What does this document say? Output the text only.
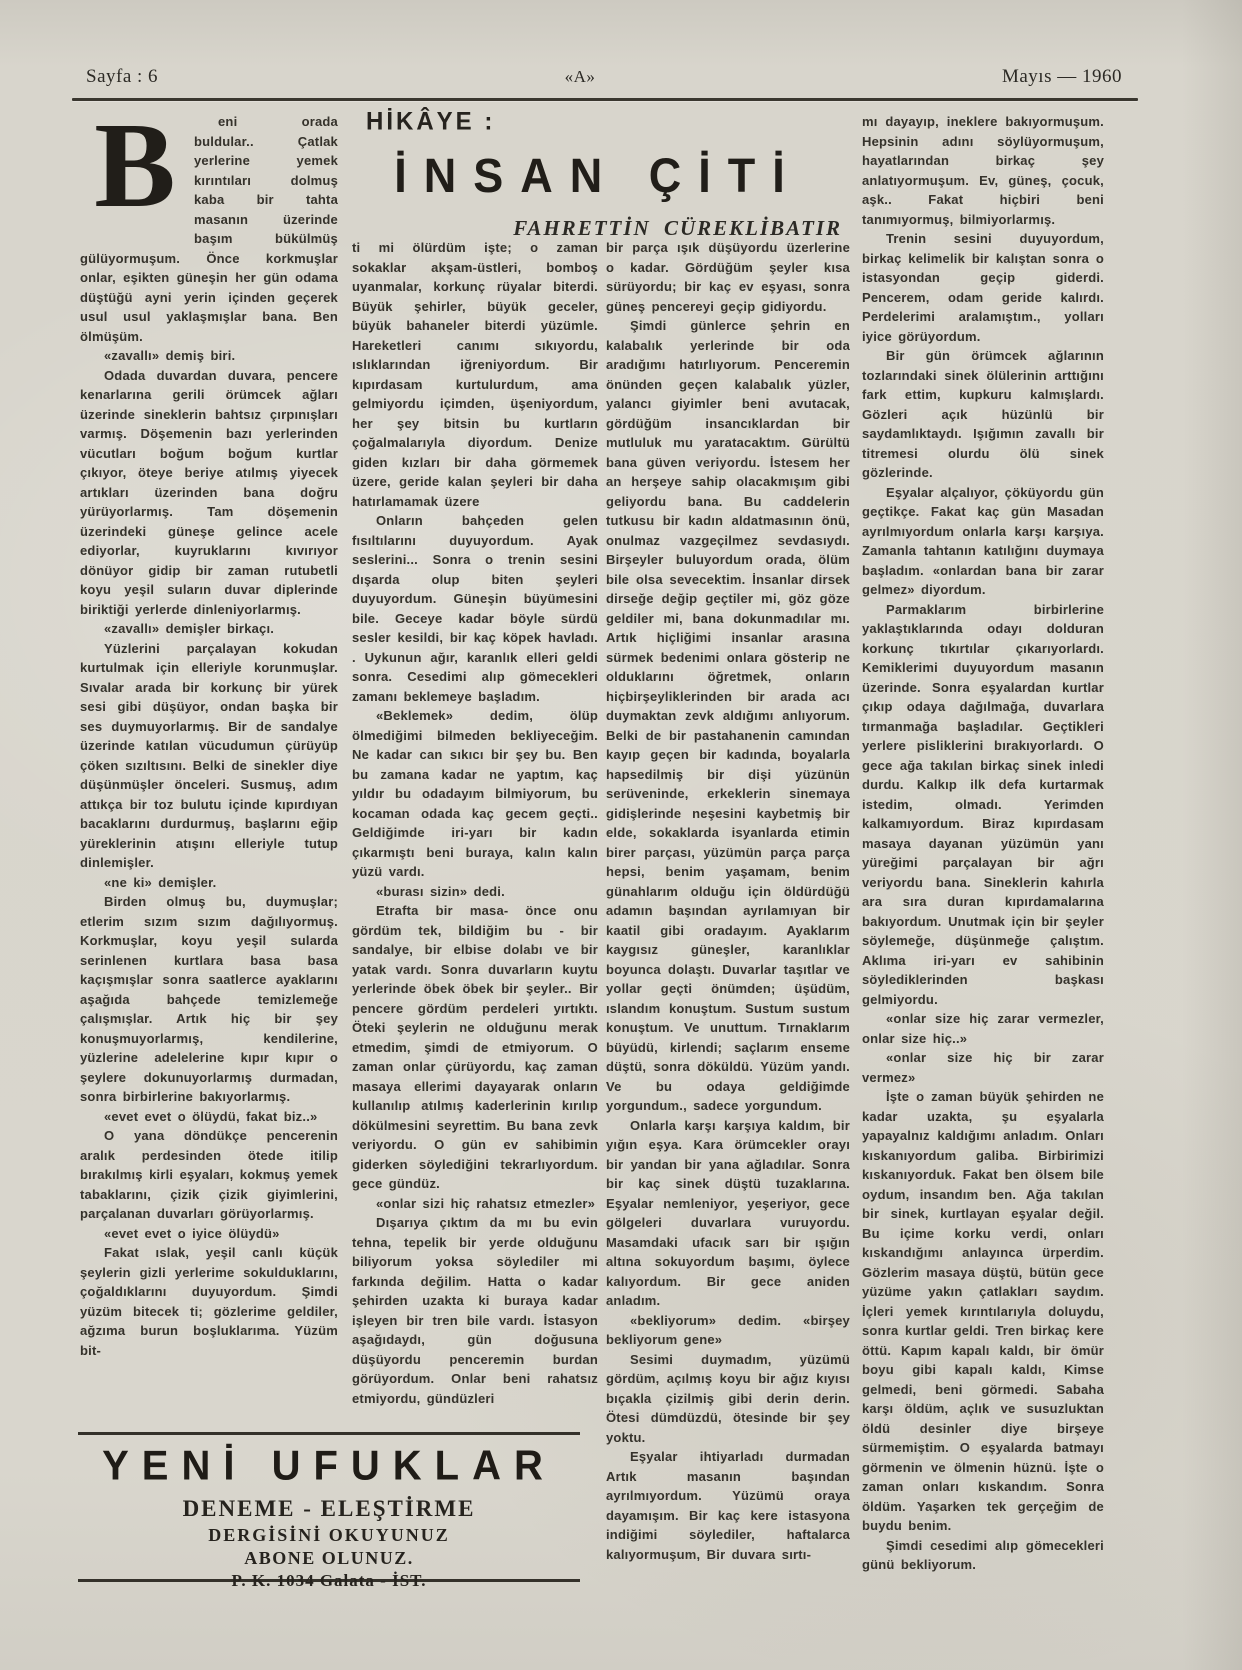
Sayfa : 6	«A»	Mayıs — 1960
HİKÂYE :
İNSAN ÇİTİ
FAHRETTİN CÜREKLİBATIR
B	eni orada buldular.. Çatlak yerlerine yemek kırıntıları dolmuş kaba bir tahta masanın üzerinde başım bükülmüş gülüyormuşum. Önce korkmuşlar onlar, eşikten güneşin her gün odama düştüğü ayni yerin içinden geçerek usul usul yaklaşmışlar bana. Ben ölmüşüm.

«zavallı» demiş biri.

Odada duvardan duvara, pencere kenarlarına gerili örümcek ağları üzerinde sineklerin bahtsız çırpınışları varmış. Döşemenin bazı yerlerinden vücutları boğum boğum kurtlar çıkıyor, öteye beriye atılmış yiyecek artıkları üzerinden bana doğru yürüyorlarmış. Tam döşemenin üzerindeki güneşe gelince acele ediyorlar, kuyruklarını kıvırıyor dönüyor gidip bir zaman rutubetli koyu yeşil suların duvar diplerinde biriktiği yerlerde dinleniyorlarmış.

«zavallı» demişler birkaçı.

Yüzlerini parçalayan kokudan kurtulmak için elleriyle korunmuşlar. Sıvalar arada bir korkunç bir yürek sesi gibi düşüyor, ondan başka bir ses duymuyorlarmış. Bir de sandalye üzerinde katılan vücudumun çürüyüp çöken sızıltısını. Belki de sinekler diye düşünmüşler önceleri. Susmuş, adım attıkça bir toz bulutu içinde kıpırdıyan bacaklarını durdurmuş, başlarını eğip yüreklerinin atışını elleriyle tutup dinlemişler.

«ne ki» demişler.

Birden olmuş bu, duymuşlar; etlerim sızım sızım dağılıyormuş. Korkmuşlar, koyu yeşil sularda serinlenen kurtlara basa basa kaçışmışlar sonra saatlerce ayaklarını aşağıda bahçede temizlemeğe çalışmışlar. Artık hiç bir şey konuşmuyorlarmış, kendilerine, yüzlerine adelelerine kıpır kıpır o şeylere dokunuyorlarmış durmadan, sonra birbirlerine bakıyorlarmış.

«evet evet o ölüydü, fakat biz..»

O yana döndükçe pencerenin aralık perdesinden ötede itilip bırakılmış kirli eşyaları, kokmuş yemek tabaklarını, çizik çizik giyimlerini, parçalanan duvarları görüyorlarmış.

«evet evet o iyice ölüydü»

Fakat ıslak, yeşil canlı küçük şeylerin gizli yerlerime sokulduklarını, çoğaldıklarını duyuyordum. Şimdi yüzüm bitecek ti; gözlerime geldiler, ağzıma burun boşluklarıma. Yüzüm bit-

ti mi ölürdüm işte; o zaman sokaklar akşam-üstleri, bomboş uyanmalar, korkunç rüyalar biterdi. Büyük şehirler, büyük geceler, büyük bahaneler biterdi yüzümle. Hareketleri canımı sıkıyordu, ıslıklarından iğreniyordum. Bir kıpırdasam kurtulurdum, ama gelmiyordu içimden, üşeniyordum, her şey bitsin bu kurtların çoğalmalarıyla diyordum. Denize giden kızları bir daha görmemek üzere, geride kalan şeyleri bir daha hatırlamamak üzere

Onların bahçeden gelen fısıltılarını duyuyordum. Ayak seslerini... Sonra o trenin sesini dışarda olup biten şeyleri duyuyordum. Güneşin büyümesini bile. Geceye kadar böyle sürdü sesler kesildi, bir kaç köpek havladı. . Uykunun ağır, karanlık elleri geldi sonra. Cesedimi alıp gömecekleri zamanı beklemeye başladım.

«Beklemek» dedim, ölüp ölmediğimi bilmeden bekliyeceğim. Ne kadar can sıkıcı bir şey bu. Ben bu zamana kadar ne yaptım, kaç yıldır bu odadayım bilmiyorum, bu kocaman odada kaç gecem geçti.. Geldiğimde iri-yarı bir kadın çıkarmıştı beni buraya, kalın kalın yüzü vardı.

«burası sizin» dedi.

Etrafta bir masa- önce onu gördüm tek, bildiğim bu - bir sandalye, bir elbise dolabı ve bir yatak vardı. Sonra duvarların kuytu yerlerinde öbek öbek bir şeyler.. Bir pencere gördüm perdeleri yırtıktı. Öteki şeylerin ne olduğunu merak etmedim, şimdi de etmiyorum. O zaman onlar çürüyordu, kaç zaman masaya ellerimi dayayarak onların kullanılıp atılmış kaderlerinin kırılıp dökülmesini seyrettim. Bu bana zevk veriyordu. O gün ev sahibimin giderken söylediğini tekrarlıyordum. gece gündüz.

«onlar sizi hiç rahatsız etmezler»

Dışarıya çıktım da mı bu evin tehna, tepelik bir yerde olduğunu biliyorum yoksa söylediler mi farkında değilim. Hatta o kadar şehirden uzakta ki buraya kadar işleyen bir tren bile vardı. İstasyon aşağıdaydı, gün doğusuna düşüyordu penceremin burdan görüyordum. Onlar beni rahatsız etmiyordu, gündüzleri

bir parça ışık düşüyordu üzerlerine o kadar. Gördüğüm şeyler kısa sürüyordu; bir kaç ev eşyası, sonra güneş pencereyi geçip gidiyordu.

Şimdi günlerce şehrin en kalabalık yerlerinde bir oda aradığımı hatırlıyorum. Penceremin önünden geçen kalabalık yüzler, yalancı giyimler beni avutacak, gördüğüm insancıklardan bir mutluluk mu yaratacaktım. Gürültü bana güven veriyordu. İstesem her an herşeye sahip olacakmışım gibi geliyordu bana. Bu caddelerin tutkusu bir kadın aldatmasının önü, onulmaz vazgeçilmez sevdasıydı. Birşeyler buluyordum orada, ölüm bile olsa sevecektim. İnsanlar dirsek dirseğe değip geçtiler mi, göz göze geldiler mi, bana dokunmadılar mı. Artık hiçliğimi insanlar arasına sürmek bedenimi onlara gösterip ne olduklarını öğretmek, onların hiçbirşeyliklerinden bir arada acı duymaktan zevk aldığımı anlıyorum. Belki de bir pastahanenin camından kayıp geçen bir kadında, boyalarla hapsedilmiş bir dişi yüzünün serüveninde, erkeklerin sinemaya gidişlerinde neşesini kaybetmiş bir elde, sokaklarda isyanlarda etimin birer parçası, yüzümün parça parça hepsi, benim yaşamam, benim günahlarım olduğu için öldürdüğü adamın başından ayrılamıyan bir kaatil gibi oradayım. Ayaklarım kaygısız güneşler, karanlıklar boyunca dolaştı. Duvarlar taşıtlar ve yollar geçti önümden; üşüdüm, ıslandım konuştum. Sustum sustum konuştum. Ve unuttum. Tırnaklarım büyüdü, kirlendi; saçlarım enseme düştü, sonra döküldü. Yüzüm yandı. Ve bu odaya geldiğimde yorgundum., sadece yorgundum.

Onlarla karşı karşıya kaldım, bir yığın eşya. Kara örümcekler orayı bir yandan bir yana ağladılar. Sonra bir kaç sinek düştü tuzaklarına. Eşyalar nemleniyor, yeşeriyor, gece gölgeleri duvarlara vuruyordu. Masamdaki ufacık sarı bir ışığın altına sokuyordum başımı, öylece kalıyordum. Bir gece aniden anladım.

«bekliyorum» dedim. «birşey bekliyorum gene»

Sesimi duymadım, yüzümü gördüm, açılmış koyu bir ağız kıyısı bıçakla çizilmiş gibi derin derin. Ötesi dümdüzdü, ötesinde bir şey yoktu.

Eşyalar ihtiyarladı durmadan Artık masanın başından ayrılmıyordum. Yüzümü oraya dayamışım. Bir kaç kere istasyona indiğimi söylediler, haftalarca kalıyormuşum, Bir duvara sırtı-

mı dayayıp, ineklere bakıyormuşum. Hepsinin adını söylüyormuşum, hayatlarından birkaç şey anlatıyormuşum. Ev, güneş, çocuk, aşk.. Fakat hiçbiri beni tanımıyormuş, bilmiyorlarmış.

Trenin sesini duyuyordum, birkaç kelimelik bir kalıştan sonra o istasyondan geçip giderdi. Pencerem, odam geride kalırdı. Perdelerimi aralamıştım., yolları iyice görüyordum.

Bir gün örümcek ağlarının tozlarındaki sinek ölülerinin arttığını fark ettim, kupkuru kalmışlardı. Gözleri açık hüzünlü bir saydamlıktaydı. Işığımın zavallı bir titremesi olurdu ölü sinek gözlerinde.

Eşyalar alçalıyor, çöküyordu gün geçtikçe. Fakat kaç gün Masadan ayrılmıyordum onlarla karşı karşıya. Zamanla tahtanın katılığını duymaya başladım. «onlardan bana bir zarar gelmez» diyordum.

Parmaklarım birbirlerine yaklaştıklarında odayı dolduran korkunç tıkırtılar çıkarıyorlardı. Kemiklerimi duyuyordum masanın üzerinde. Sonra eşyalardan kurtlar çıkıp odaya dağılmağa, duvarlara tırmanmağa başladılar. Geçtikleri yerlere pisliklerini bırakıyorlardı. O gece ağa takılan birkaç sinek inledi durdu. Kalkıp ilk defa kurtarmak istedim, olmadı. Yerimden kalkamıyordum. Biraz kıpırdasam masaya dayanan yüzümün yanı yüreğimi parçalayan bir ağrı veriyordu bana. Sineklerin kahırla ara sıra duran kıpırdamalarına bakıyordum. Unutmak için bir şeyler söylemeğe, düşünmeğe çalıştım. Aklıma iri-yarı ev sahibinin söylediklerinden başkası gelmiyordu.

«onlar size hiç zarar vermezler, onlar size hiç..»

«onlar size hiç bir zarar vermez»

İşte o zaman büyük şehirden ne kadar uzakta, şu eşyalarla yapayalnız kaldığımı anladım. Onları kıskanıyordum galiba. Birbirimizi kıskanıyorduk. Fakat ben ölsem bile oydum, insandım ben. Ağa takılan bir sinek, kurtlayan eşyalar değil. Bu içime korku verdi, onları kıskandığımı anlayınca ürperdim. Gözlerim masaya düştü, bütün gece yüzüme yakın çatlakları saydım. İçleri yemek kırıntılarıyla doluydu, sonra kurtlar geldi. Tren birkaç kere öttü. Kapım kapalı kaldı, bir ömür boyu gibi kapalı kaldı, Kimse gelmedi, beni görmedi. Sabaha karşı öldüm, açlık ve susuzluktan öldü desinler diye birşeye sürmemiştim. O eşyalarda batmayı görmenin ve ölmenin hüznü. İşte o zaman onları kıskandım. Sonra öldüm. Yaşarken tek gerçeğim de buydu benim.

Şimdi cesedimi alıp gömecekleri günü bekliyorum.

YENİ UFUKLAR
DENEME - ELEŞTİRME
DERGİSİNİ OKUYUNUZ
ABONE OLUNUZ.
P. K. 1034 Galata - İST.
